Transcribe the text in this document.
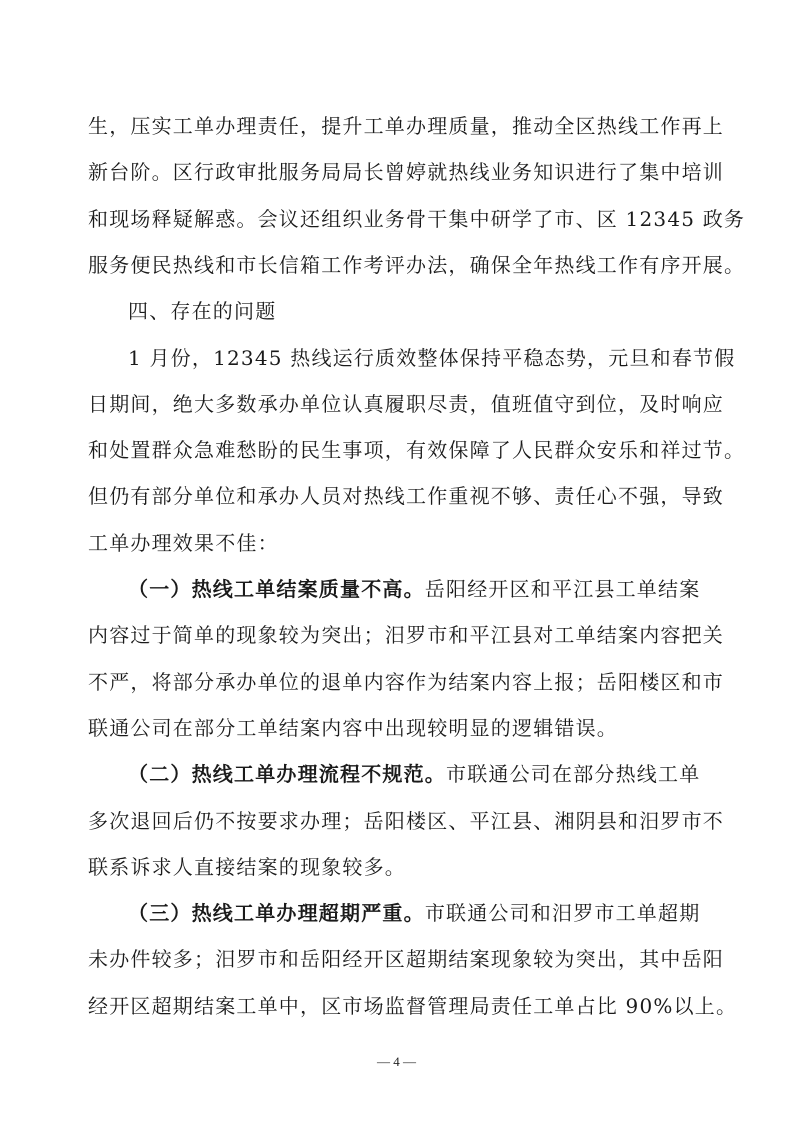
生，压实工单办理责任，提升工单办理质量，推动全区热线工作再上
新台阶。区行政审批服务局局长曾婷就热线业务知识进行了集中培训
和现场释疑解惑。会议还组织业务骨干集中研学了市、区 12345 政务
服务便民热线和市长信箱工作考评办法，确保全年热线工作有序开展。
四、存在的问题
1 月份，12345 热线运行质效整体保持平稳态势，元旦和春节假
日期间，绝大多数承办单位认真履职尽责，值班值守到位，及时响应
和处置群众急难愁盼的民生事项，有效保障了人民群众安乐和祥过节。
但仍有部分单位和承办人员对热线工作重视不够、责任心不强，导致
工单办理效果不佳：
（一）热线工单结案质量不高。岳阳经开区和平江县工单结案
内容过于简单的现象较为突出；汨罗市和平江县对工单结案内容把关
不严，将部分承办单位的退单内容作为结案内容上报；岳阳楼区和市
联通公司在部分工单结案内容中出现较明显的逻辑错误。
（二）热线工单办理流程不规范。市联通公司在部分热线工单
多次退回后仍不按要求办理；岳阳楼区、平江县、湘阴县和汨罗市不
联系诉求人直接结案的现象较多。
（三）热线工单办理超期严重。市联通公司和汨罗市工单超期
未办件较多；汨罗市和岳阳经开区超期结案现象较为突出，其中岳阳
经开区超期结案工单中，区市场监督管理局责任工单占比 90%以上。
— 4 —
